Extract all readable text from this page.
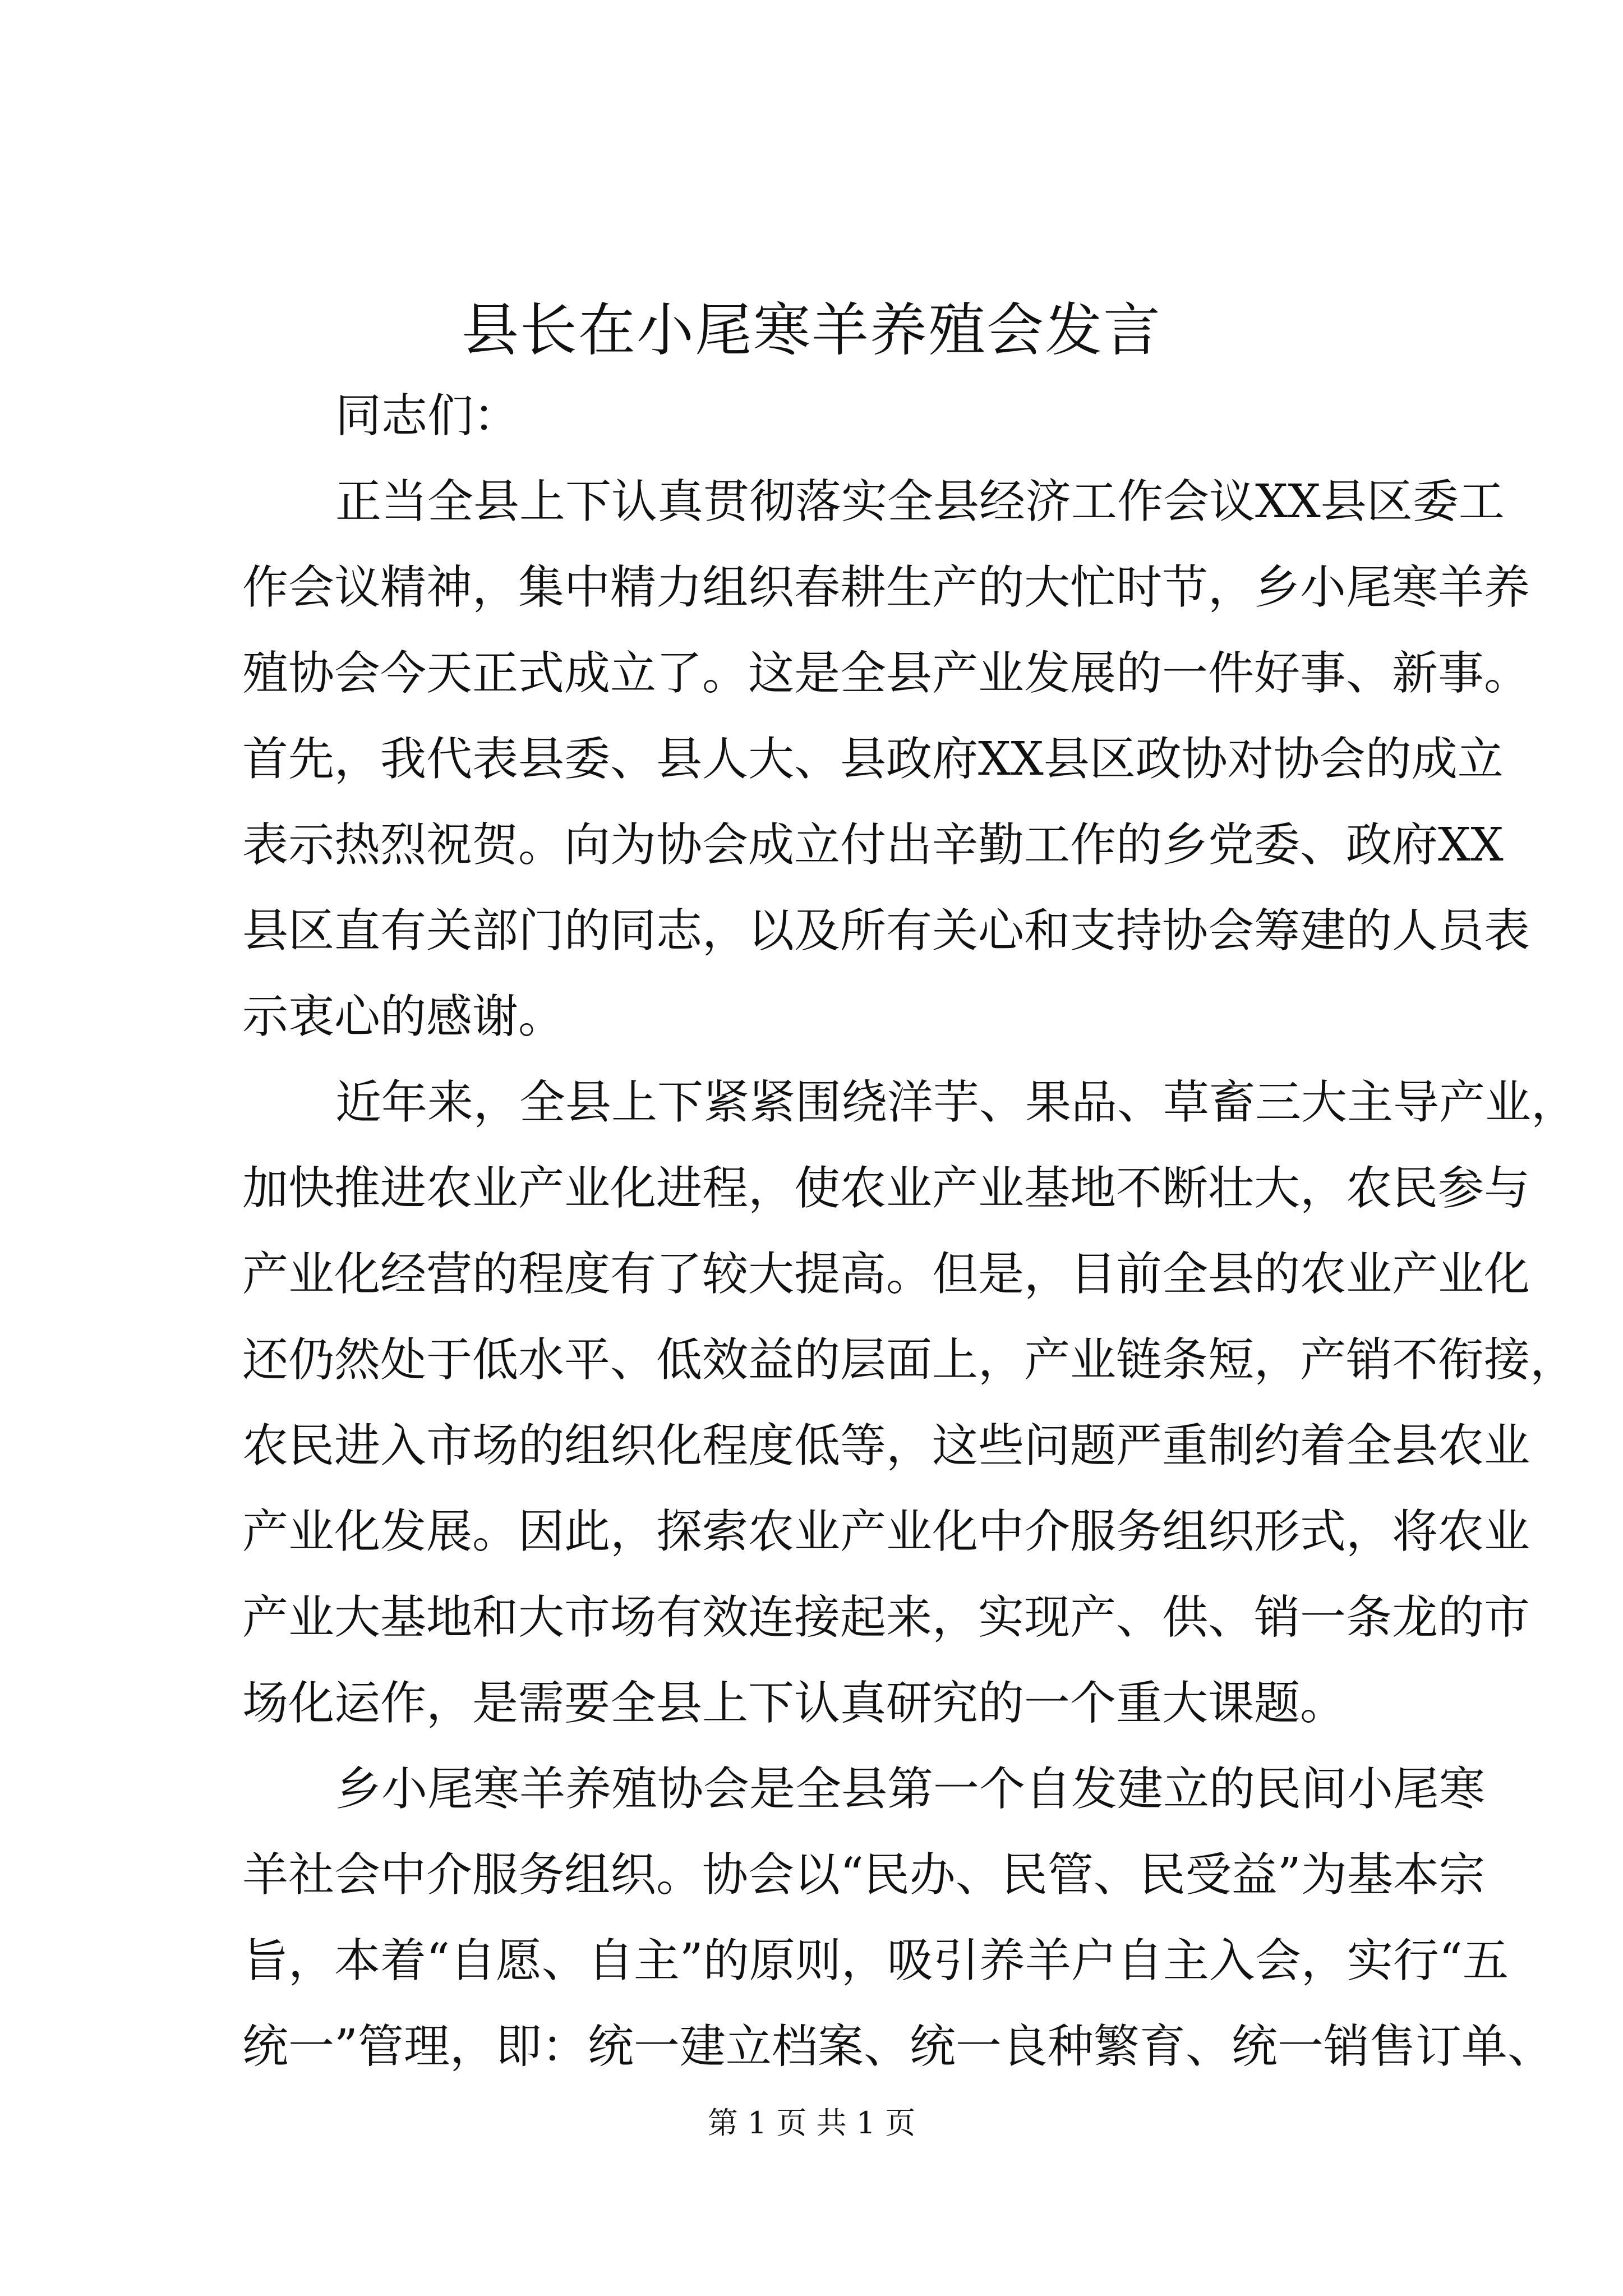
县长在小尾寒羊养殖会发言
同志们：
正当全县上下认真贯彻落实全县经济工作会议XX县区委工
作会议精神，集中精力组织春耕生产的大忙时节，乡小尾寒羊养
殖协会今天正式成立了。这是全县产业发展的一件好事、新事。
首先，我代表县委、县人大、县政府XX县区政协对协会的成立
表示热烈祝贺。向为协会成立付出辛勤工作的乡党委、政府XX
县区直有关部门的同志，以及所有关心和支持协会筹建的人员表
示衷心的感谢。
近年来，全县上下紧紧围绕洋芋、果品、草畜三大主导产业，
加快推进农业产业化进程，使农业产业基地不断壮大，农民参与
产业化经营的程度有了较大提高。但是，目前全县的农业产业化
还仍然处于低水平、低效益的层面上，产业链条短，产销不衔接，
农民进入市场的组织化程度低等，这些问题严重制约着全县农业
产业化发展。因此，探索农业产业化中介服务组织形式，将农业
产业大基地和大市场有效连接起来，实现产、供、销一条龙的市
场化运作，是需要全县上下认真研究的一个重大课题。
乡小尾寒羊养殖协会是全县第一个自发建立的民间小尾寒
羊社会中介服务组织。协会以“民办、民管、民受益”为基本宗
旨，本着“自愿、自主”的原则，吸引养羊户自主入会，实行“五
统一”管理，即：统一建立档案、统一良种繁育、统一销售订单、
第 1 页 共 1 页
